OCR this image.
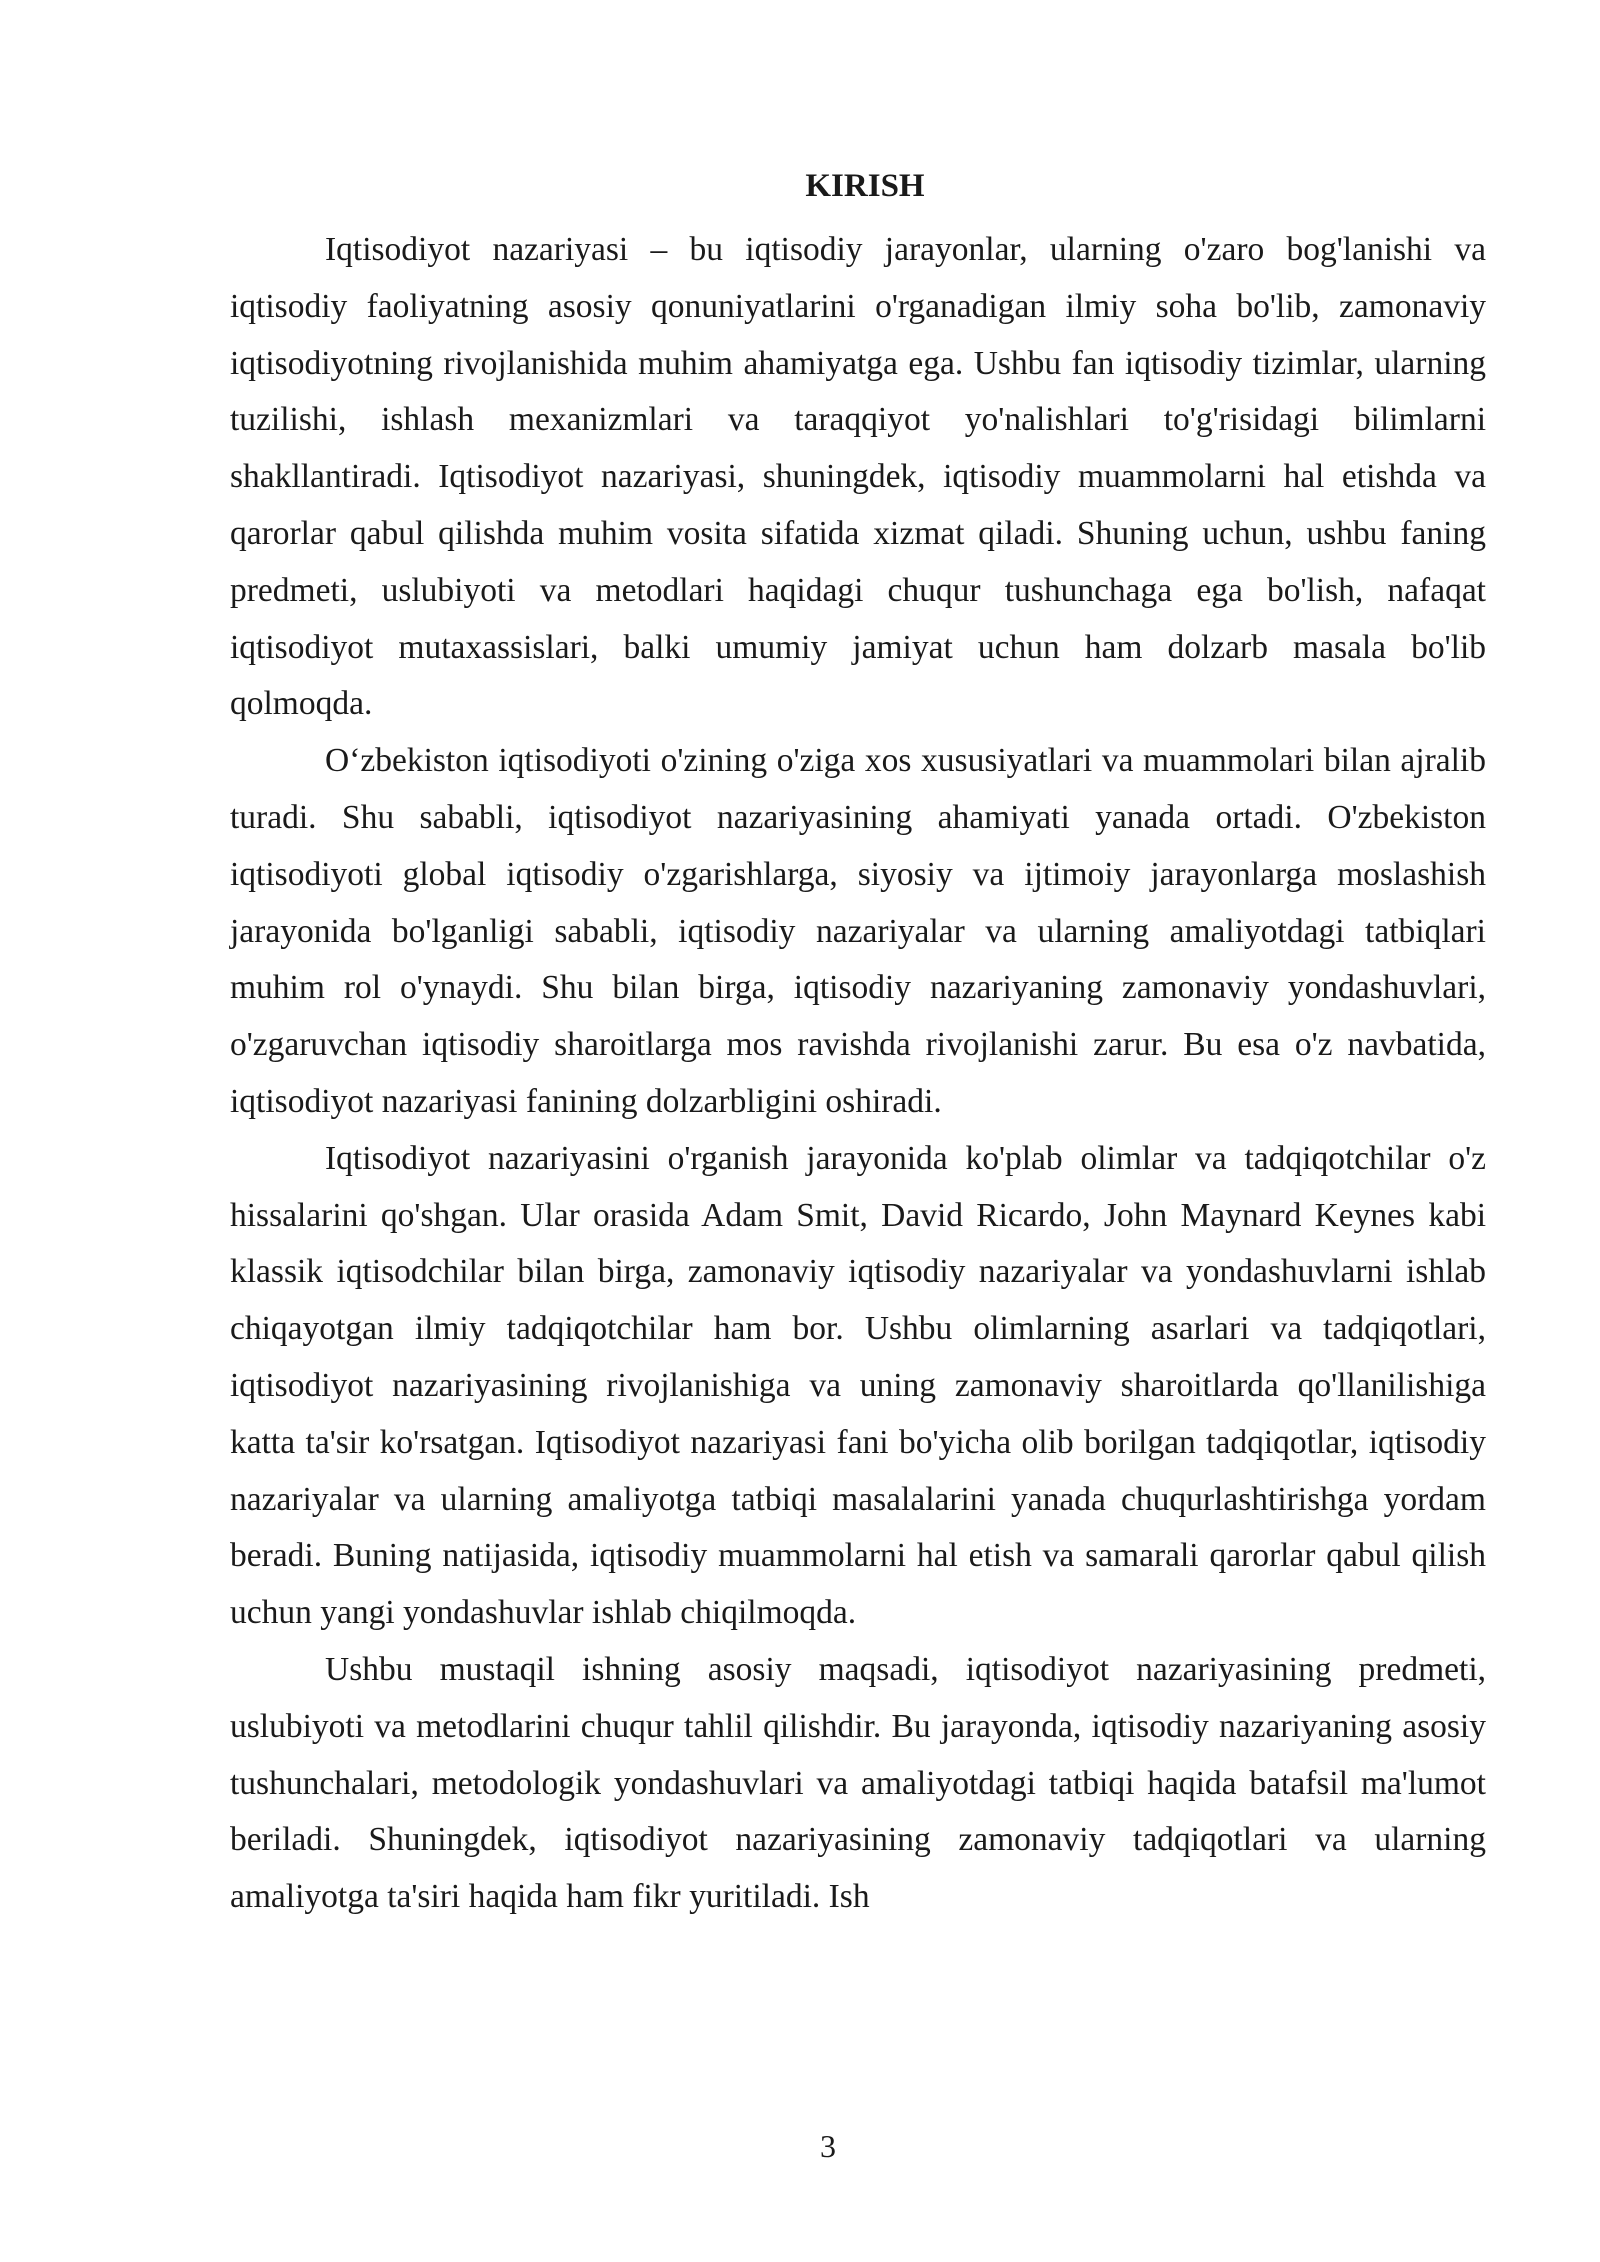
KIRISH

Iqtisodiyot nazariyasi – bu iqtisodiy jarayonlar, ularning o'zaro bog'lanishi va iqtisodiy faoliyatning asosiy qonuniyatlarini o'rganadigan ilmiy soha bo'lib, zamonaviy iqtisodiyotning rivojlanishida muhim ahamiyatga ega. Ushbu fan iqtisodiy tizimlar, ularning tuzilishi, ishlash mexanizmlari va taraqqiyot yo'nalishlari to'g'risidagi bilimlarni shakllantiradi. Iqtisodiyot nazariyasi, shuningdek, iqtisodiy muammolarni hal etishda va qarorlar qabul qilishda muhim vosita sifatida xizmat qiladi. Shuning uchun, ushbu faning predmeti, uslubiyoti va metodlari haqidagi chuqur tushunchaga ega bo'lish, nafaqat iqtisodiyot mutaxassislari, balki umumiy jamiyat uchun ham dolzarb masala bo'lib qolmoqda.

O‘zbekiston iqtisodiyoti o'zining o'ziga xos xususiyatlari va muammolari bilan ajralib turadi. Shu sababli, iqtisodiyot nazariyasining ahamiyati yanada ortadi. O'zbekiston iqtisodiyoti global iqtisodiy o'zgarishlarga, siyosiy va ijtimoiy jarayonlarga moslashish jarayonida bo'lganligi sababli, iqtisodiy nazariyalar va ularning amaliyotdagi tatbiqlari muhim rol o'ynaydi. Shu bilan birga, iqtisodiy nazariyaning zamonaviy yondashuvlari, o'zgaruvchan iqtisodiy sharoitlarga mos ravishda rivojlanishi zarur. Bu esa o'z navbatida, iqtisodiyot nazariyasi fanining dolzarbligini oshiradi.

Iqtisodiyot nazariyasini o'rganish jarayonida ko'plab olimlar va tadqiqotchilar o'z hissalarini qo'shgan. Ular orasida Adam Smit, David Ricardo, John Maynard Keynes kabi klassik iqtisodchilar bilan birga, zamonaviy iqtisodiy nazariyalar va yondashuvlarni ishlab chiqayotgan ilmiy tadqiqotchilar ham bor. Ushbu olimlarning asarlari va tadqiqotlari, iqtisodiyot nazariyasining rivojlanishiga va uning zamonaviy sharoitlarda qo'llanilishiga katta ta'sir ko'rsatgan. Iqtisodiyot nazariyasi fani bo'yicha olib borilgan tadqiqotlar, iqtisodiy nazariyalar va ularning amaliyotga tatbiqi masalalarini yanada chuqurlashtirishga yordam beradi. Buning natijasida, iqtisodiy muammolarni hal etish va samarali qarorlar qabul qilish uchun yangi yondashuvlar ishlab chiqilmoqda.

Ushbu mustaqil ishning asosiy maqsadi, iqtisodiyot nazariyasining predmeti, uslubiyoti va metodlarini chuqur tahlil qilishdir. Bu jarayonda, iqtisodiy nazariyaning asosiy tushunchalari, metodologik yondashuvlari va amaliyotdagi tatbiqi haqida batafsil ma'lumot beriladi. Shuningdek, iqtisodiyot nazariyasining zamonaviy tadqiqotlari va ularning amaliyotga ta'siri haqida ham fikr yuritiladi. Ish

3
